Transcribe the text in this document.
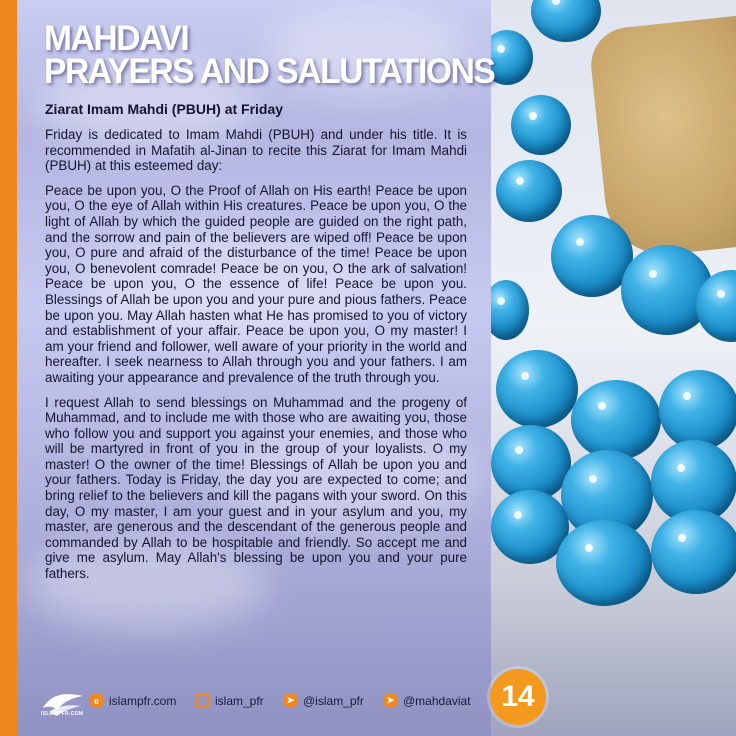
MAHDAVI
PRAYERS AND SALUTATIONS
Ziarat Imam Mahdi (PBUH) at Friday

Friday is dedicated to Imam Mahdi (PBUH) and under his title. It is recommended in Mafatih al-Jinan to recite this Ziarat for Imam Mahdi (PBUH) at this esteemed day:

Peace be upon you, O the Proof of Allah on His earth! Peace be upon you, O the eye of Allah within His creatures. Peace be upon you, O the light of Allah by which the guided people are guided on the right path, and the sorrow and pain of the believers are wiped off! Peace be upon you, O pure and afraid of the disturbance of the time! Peace be upon you, O benevolent comrade! Peace be on you, O the ark of salvation! Peace be upon you, O the essence of life! Peace be upon you. Blessings of Allah be upon you and your pure and pious fathers. Peace be upon you. May Allah hasten what He has promised to you of victory and establishment of your affair. Peace be upon you, O my master! I am your friend and follower, well aware of your priority in the world and hereafter. I seek nearness to Allah through you and your fathers. I am awaiting your appearance and prevalence of the truth through you.

I request Allah to send blessings on Muhammad and the progeny of Muhammad, and to include me with those who are awaiting you, those who follow you and support you against your enemies, and those who will be martyred in front of you in the group of your loyalists. O my master! O the owner of the time! Blessings of Allah be upon you and your fathers. Today is Friday, the day you are expected to come; and bring relief to the believers and kill the pagans with your sword. On this day, O my master, I am your guest and in your asylum and you, my master, are generous and the descendant of the generous people and commanded by Allah to be hospitable and friendly. So accept me and give me asylum. May Allah's blessing be upon you and your pure fathers.

ISLAMPFR.COM
e islampfr.com	● islam_pfr	➤ @islam_pfr	➤ @mahdaviat	14
